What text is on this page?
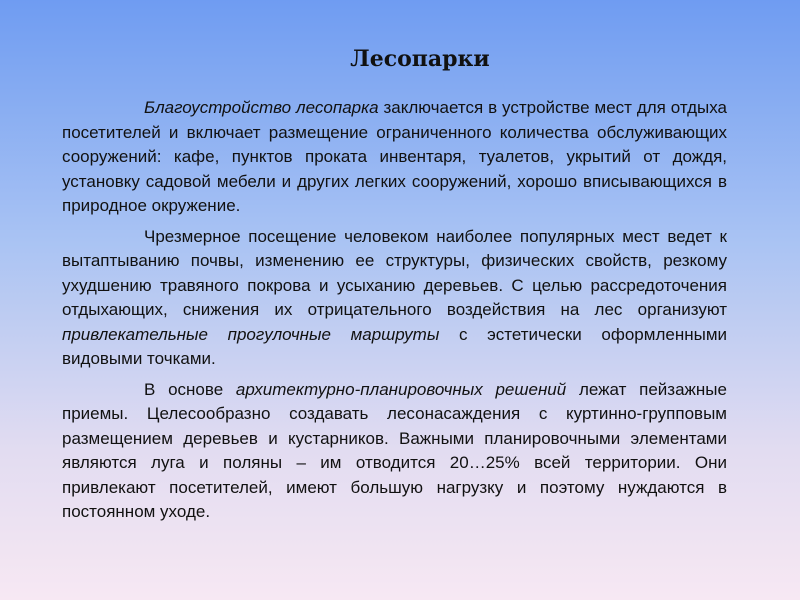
Лесопарки

Благоустройство лесопарка заключается в устройстве мест для отдыха посетителей и включает размещение ограниченного количества обслуживающих сооружений: кафе, пунктов проката инвентаря, туалетов, укрытий от дождя, установку садовой мебели и других легких сооружений, хорошо вписывающихся в природное окружение.

Чрезмерное посещение человеком наиболее популярных мест ведет к вытаптыванию почвы, изменению ее структуры, физических свойств, резкому ухудшению травяного покрова и усыханию деревьев. С целью рассредоточения отдыхающих, снижения их отрицательного воздействия на лес организуют привлекательные прогулочные маршруты с эстетически оформленными видовыми точками.

В основе архитектурно-планировочных решений лежат пейзажные приемы. Целесообразно создавать лесонасаждения с куртинно-групповым размещением деревьев и кустарников. Важными планировочными элементами являются луга и поляны – им отводится 20…25% всей территории. Они привлекают посетителей, имеют большую нагрузку и поэтому нуждаются в постоянном уходе.
